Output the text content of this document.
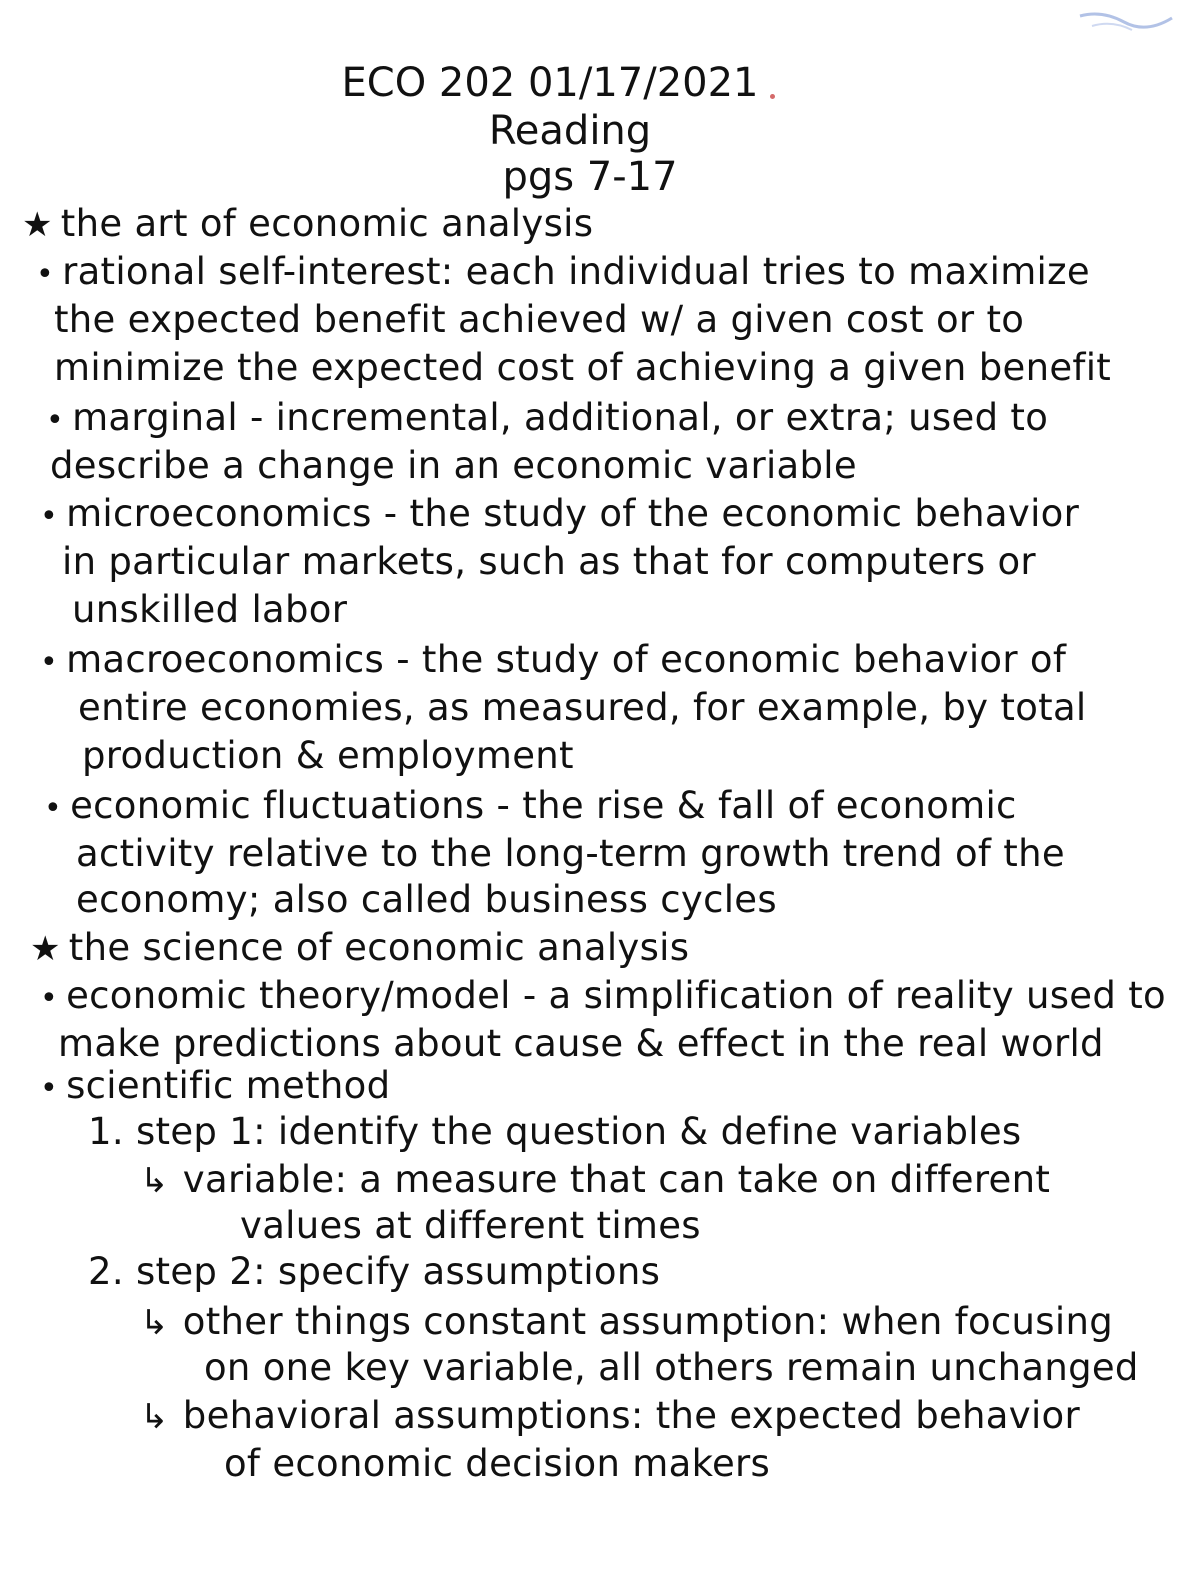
ECO 202 01/17/2021
Reading
pgs 7-17
★ the art of economic analysis
• rational self-interest: each individual tries to maximize
the expected benefit achieved w/ a given cost or to
minimize the expected cost of achieving a given benefit
• marginal - incremental, additional, or extra; used to
describe a change in an economic variable
• microeconomics - the study of the economic behavior
in particular markets, such as that for computers or
unskilled labor
• macroeconomics - the study of economic behavior of
entire economies, as measured, for example, by total
production & employment
• economic fluctuations - the rise & fall of economic
activity relative to the long-term growth trend of the
economy; also called business cycles
★ the science of economic analysis
• economic theory/model - a simplification of reality used to
make predictions about cause & effect in the real world
• scientific method
1. step 1: identify the question & define variables
↳ variable: a measure that can take on different
values at different times
2. step 2: specify assumptions
↳ other things constant assumption: when focusing
on one key variable, all others remain unchanged
↳ behavioral assumptions: the expected behavior
of economic decision makers
